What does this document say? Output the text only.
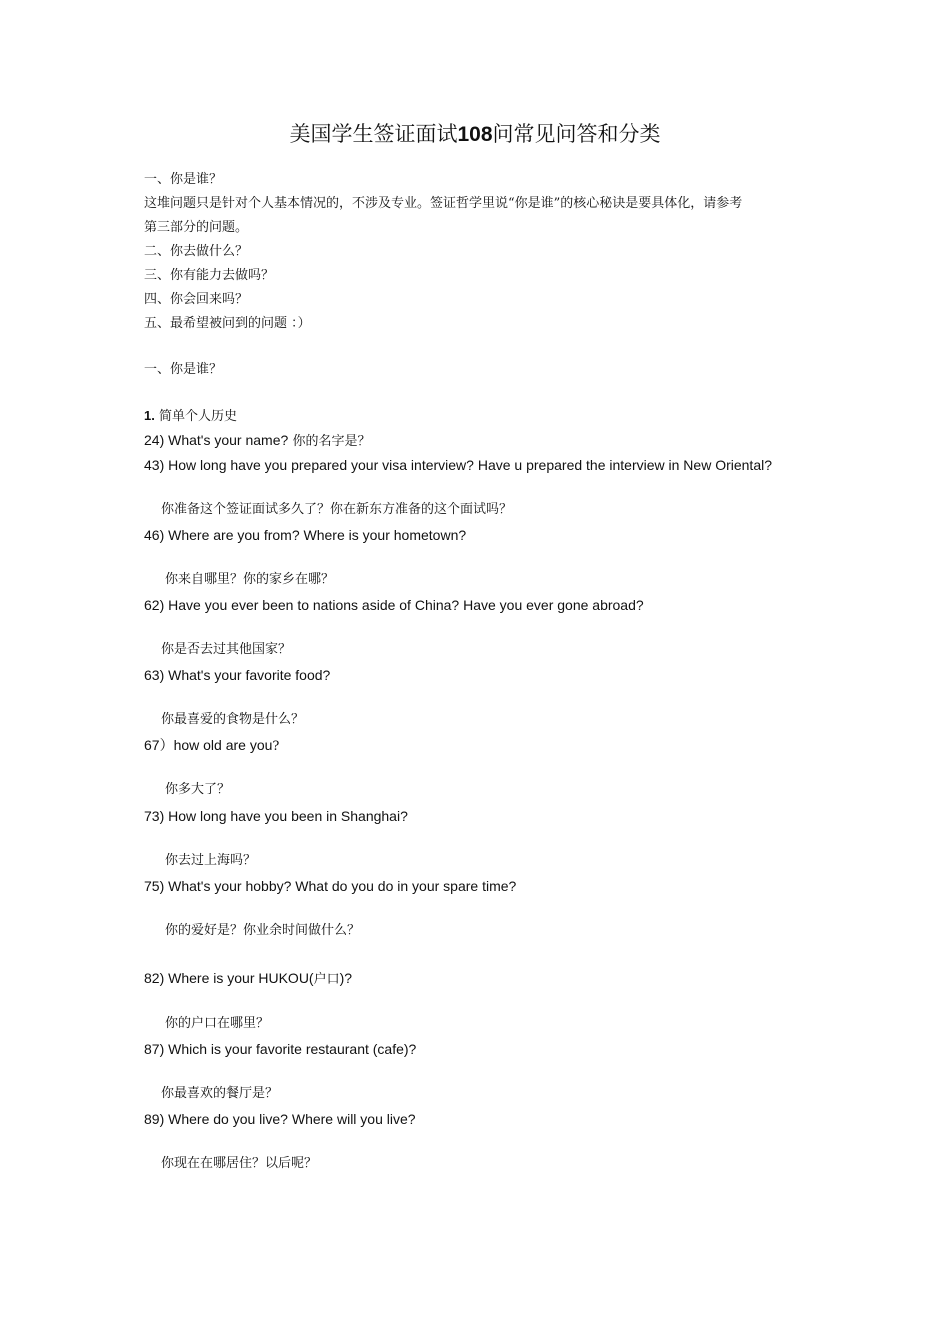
美国学生签证面试108问常见问答和分类
一、你是谁？
这堆问题只是针对个人基本情况的，不涉及专业。签证哲学里说“你是谁”的核心秘诀是要具体化，请参考
第三部分的问题。
二、你去做什么？
三、你有能力去做吗？
四、你会回来吗？
五、最希望被问到的问题 ：）
一、你是谁？
1. 简单个人历史
24) What's your name? 你的名字是？
43) How long have you prepared your visa interview? Have u prepared the interview in New Oriental?
你准备这个签证面试多久了？你在新东方准备的这个面试吗？
46) Where are you from? Where is your hometown?
你来自哪里？你的家乡在哪？
62) Have you ever been to nations aside of China? Have you ever gone abroad?
你是否去过其他国家？
63) What's your favorite food?
你最喜爱的食物是什么？
67）how old are you?
你多大了？
73) How long have you been in Shanghai?
你去过上海吗？
75) What's your hobby? What do you do in your spare time?
你的爱好是？你业余时间做什么？
82) Where is your HUKOU(户口)?
你的户口在哪里？
87) Which is your favorite restaurant (cafe)?
你最喜欢的餐厅是？
89) Where do you live? Where will you live?
你现在在哪居住？以后呢？
